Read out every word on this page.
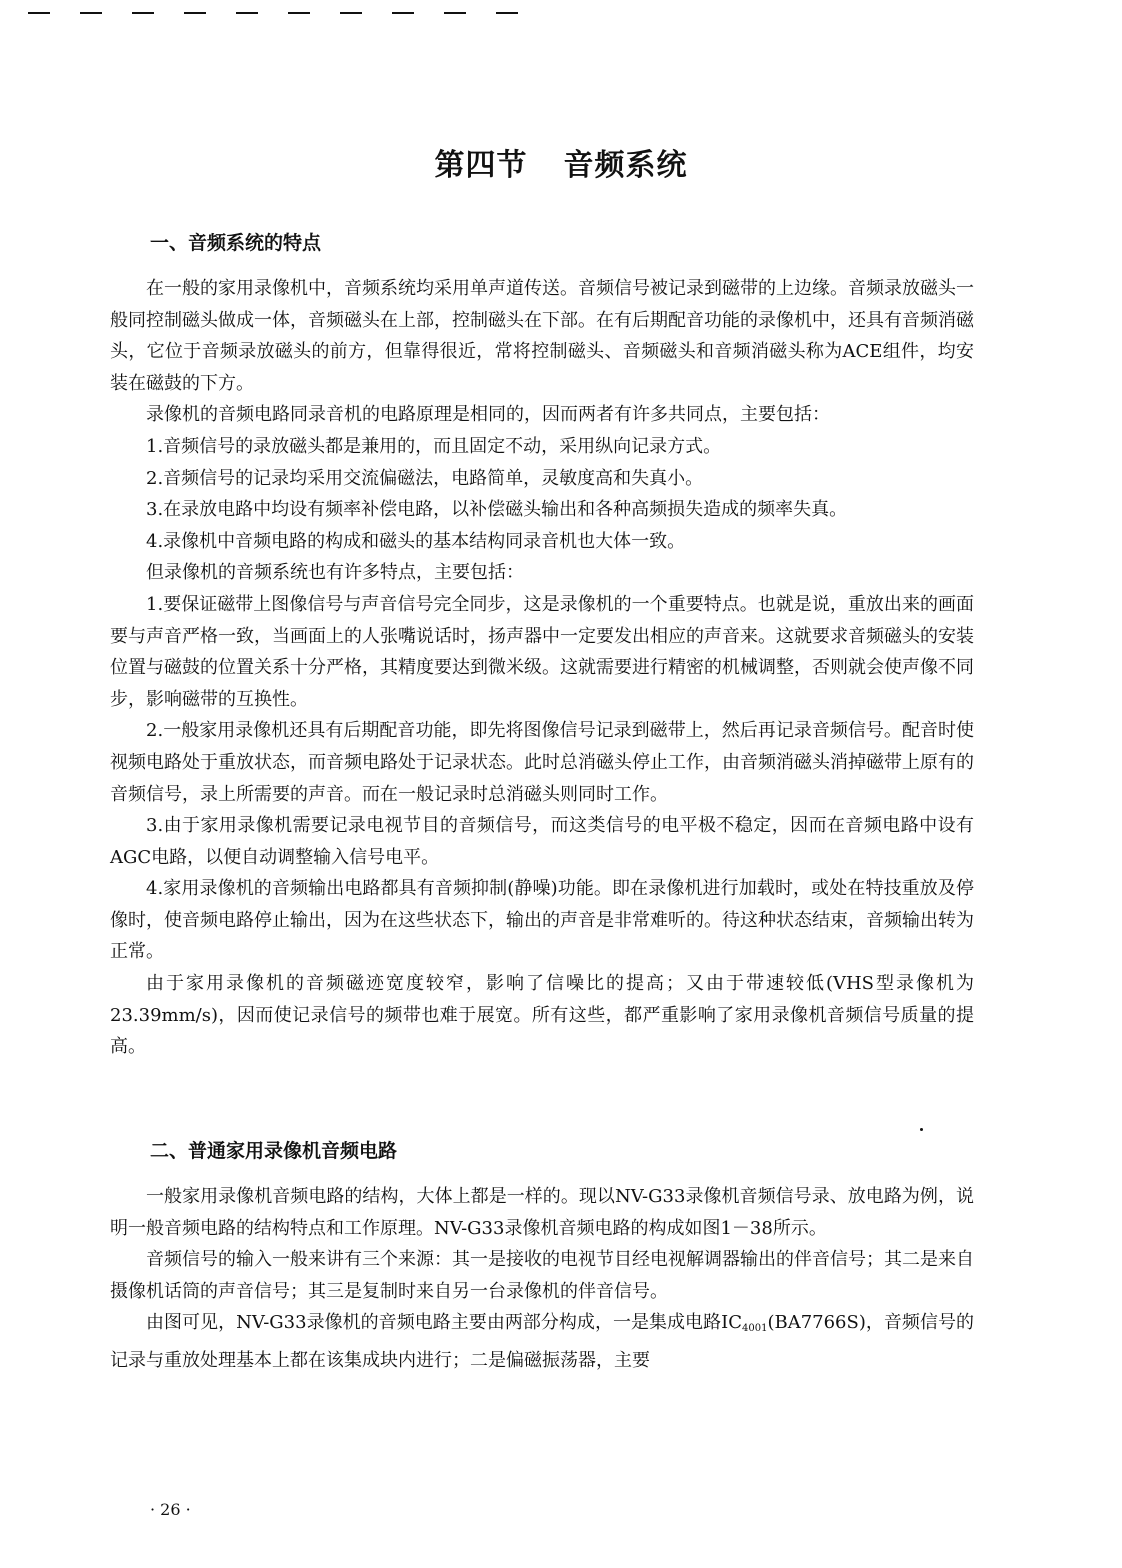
第四节 音频系统
一、音频系统的特点

在一般的家用录像机中，音频系统均采用单声道传送。音频信号被记录到磁带的上边缘。音频录放磁头一般同控制磁头做成一体，音频磁头在上部，控制磁头在下部。在有后期配音功能的录像机中，还具有音频消磁头，它位于音频录放磁头的前方，但靠得很近，常将控制磁头、音频磁头和音频消磁头称为ACE组件，均安装在磁鼓的下方。

录像机的音频电路同录音机的电路原理是相同的，因而两者有许多共同点，主要包括：

1.音频信号的录放磁头都是兼用的，而且固定不动，采用纵向记录方式。

2.音频信号的记录均采用交流偏磁法，电路简单，灵敏度高和失真小。

3.在录放电路中均设有频率补偿电路，以补偿磁头输出和各种高频损失造成的频率失真。

4.录像机中音频电路的构成和磁头的基本结构同录音机也大体一致。

但录像机的音频系统也有许多特点，主要包括：

1.要保证磁带上图像信号与声音信号完全同步，这是录像机的一个重要特点。也就是说，重放出来的画面要与声音严格一致，当画面上的人张嘴说话时，扬声器中一定要发出相应的声音来。这就要求音频磁头的安装位置与磁鼓的位置关系十分严格，其精度要达到微米级。这就需要进行精密的机械调整，否则就会使声像不同步，影响磁带的互换性。

2.一般家用录像机还具有后期配音功能，即先将图像信号记录到磁带上，然后再记录音频信号。配音时使视频电路处于重放状态，而音频电路处于记录状态。此时总消磁头停止工作，由音频消磁头消掉磁带上原有的音频信号，录上所需要的声音。而在一般记录时总消磁头则同时工作。

3.由于家用录像机需要记录电视节目的音频信号，而这类信号的电平极不稳定，因而在音频电路中设有AGC电路，以便自动调整输入信号电平。

4.家用录像机的音频输出电路都具有音频抑制(静噪)功能。即在录像机进行加载时，或处在特技重放及停像时，使音频电路停止输出，因为在这些状态下，输出的声音是非常难听的。待这种状态结束，音频输出转为正常。

由于家用录像机的音频磁迹宽度较窄，影响了信噪比的提高；又由于带速较低(VHS型录像机为23.39mm/s)，因而使记录信号的频带也难于展宽。所有这些，都严重影响了家用录像机音频信号质量的提高。

二、普通家用录像机音频电路

一般家用录像机音频电路的结构，大体上都是一样的。现以NV-G33录像机音频信号录、放电路为例，说明一般音频电路的结构特点和工作原理。NV-G33录像机音频电路的构成如图1－38所示。

音频信号的输入一般来讲有三个来源：其一是接收的电视节目经电视解调器输出的伴音信号；其二是来自摄像机话筒的声音信号；其三是复制时来自另一台录像机的伴音信号。

由图可见，NV-G33录像机的音频电路主要由两部分构成，一是集成电路$IC_{4001}(BA7766S)$，音频信号的记录与重放处理基本上都在该集成块内进行；二是偏磁振荡器，主要

· 26 ·
